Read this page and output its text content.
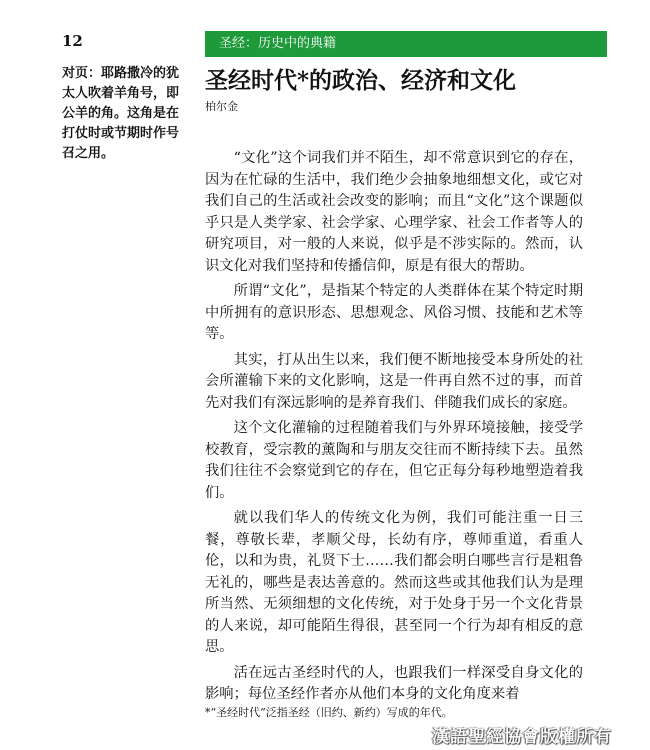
12	圣经：历史中的典籍
对页：耶路撒冷的犹太人吹着羊角号，即公羊的角。这角是在打仗时或节期时作号召之用。
圣经时代*的政治、经济和文化
柏尔金

“文化”这个词我们并不陌生，却不常意识到它的存在，因为在忙碌的生活中，我们绝少会抽象地细想文化，或它对我们自己的生活或社会改变的影响；而且“文化”这个课题似乎只是人类学家、社会学家、心理学家、社会工作者等人的研究项目，对一般的人来说，似乎是不涉实际的。然而，认识文化对我们坚持和传播信仰，原是有很大的帮助。

所谓“文化”，是指某个特定的人类群体在某个特定时期中所拥有的意识形态、思想观念、风俗习惯、技能和艺术等等。

其实，打从出生以来，我们便不断地接受本身所处的社会所灌输下来的文化影响，这是一件再自然不过的事，而首先对我们有深远影响的是养育我们、伴随我们成长的家庭。

这个文化灌输的过程随着我们与外界环境接触，接受学校教育，受宗教的薰陶和与朋友交往而不断持续下去。虽然我们往往不会察觉到它的存在，但它正每分每秒地塑造着我们。

就以我们华人的传统文化为例，我们可能注重一日三餐，尊敬长辈，孝顺父母，长幼有序，尊师重道，看重人伦，以和为贵，礼贤下士……我们都会明白哪些言行是粗鲁无礼的，哪些是表达善意的。然而这些或其他我们认为是理所当然、无须细想的文化传统，对于处身于另一个文化背景的人来说，却可能陌生得很，甚至同一个行为却有相反的意思。

活在远古圣经时代的人，也跟我们一样深受自身文化的影响；每位圣经作者亦从他们本身的文化角度来着

*“圣经时代”泛指圣经（旧约、新约）写成的年代。
漢語聖經協會版權所有
